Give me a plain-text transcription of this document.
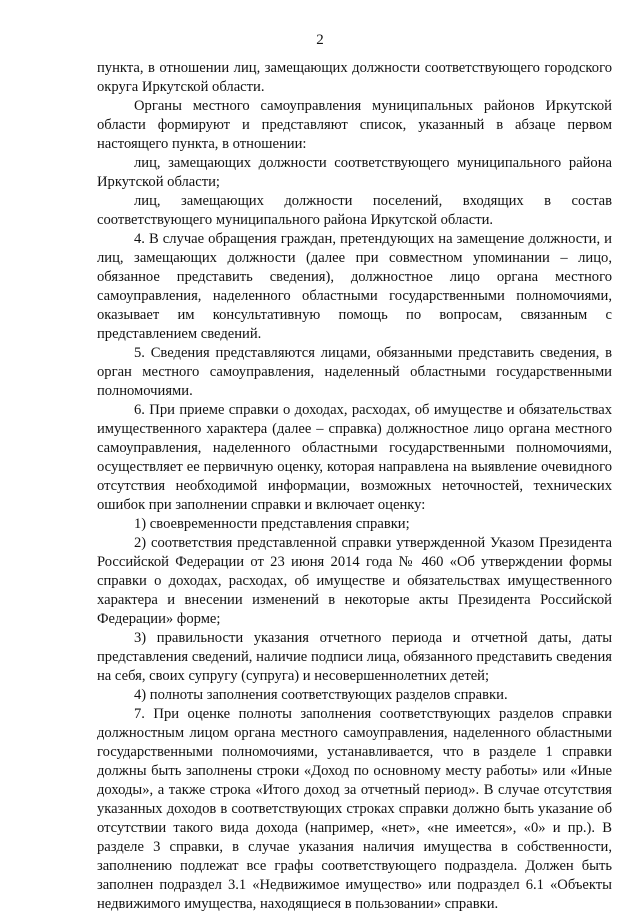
2

пункта, в отношении лиц, замещающих должности соответствующего городского округа Иркутской области.

Органы местного самоуправления муниципальных районов Иркутской области формируют и представляют список, указанный в абзаце первом настоящего пункта, в отношении:

лиц, замещающих должности соответствующего муниципального района Иркутской области;

лиц, замещающих должности поселений, входящих в состав соответствующего муниципального района Иркутской области.

4. В случае обращения граждан, претендующих на замещение должности, и лиц, замещающих должности (далее при совместном упоминании – лицо, обязанное представить сведения), должностное лицо органа местного самоуправления, наделенного областными государственными полномочиями, оказывает им консультативную помощь по вопросам, связанным с представлением сведений.

5. Сведения представляются лицами, обязанными представить сведения, в орган местного самоуправления, наделенный областными государственными полномочиями.

6. При приеме справки о доходах, расходах, об имуществе и обязательствах имущественного характера (далее – справка) должностное лицо органа местного самоуправления, наделенного областными государственными полномочиями, осуществляет ее первичную оценку, которая направлена на выявление очевидного отсутствия необходимой информации, возможных неточностей, технических ошибок при заполнении справки и включает оценку:

1) своевременности представления справки;

2) соответствия представленной справки утвержденной Указом Президента Российской Федерации от 23 июня 2014 года № 460 «Об утверждении формы справки о доходах, расходах, об имуществе и обязательствах имущественного характера и внесении изменений в некоторые акты Президента Российской Федерации» форме;

3) правильности указания отчетного периода и отчетной даты, даты представления сведений, наличие подписи лица, обязанного представить сведения на себя, своих супругу (супруга) и несовершеннолетних детей;

4) полноты заполнения соответствующих разделов справки.

7. При оценке полноты заполнения соответствующих разделов справки должностным лицом органа местного самоуправления, наделенного областными государственными полномочиями, устанавливается, что в разделе 1 справки должны быть заполнены строки «Доход по основному месту работы» или «Иные доходы», а также строка «Итого доход за отчетный период». В случае отсутствия указанных доходов в соответствующих строках справки должно быть указание об отсутствии такого вида дохода (например, «нет», «не имеется», «0» и пр.). В разделе 3 справки, в случае указания наличия имущества в собственности, заполнению подлежат все графы соответствующего подраздела. Должен быть заполнен подраздел 3.1 «Недвижимое имущество» или подраздел 6.1 «Объекты недвижимого имущества, находящиеся в пользовании» справки.
